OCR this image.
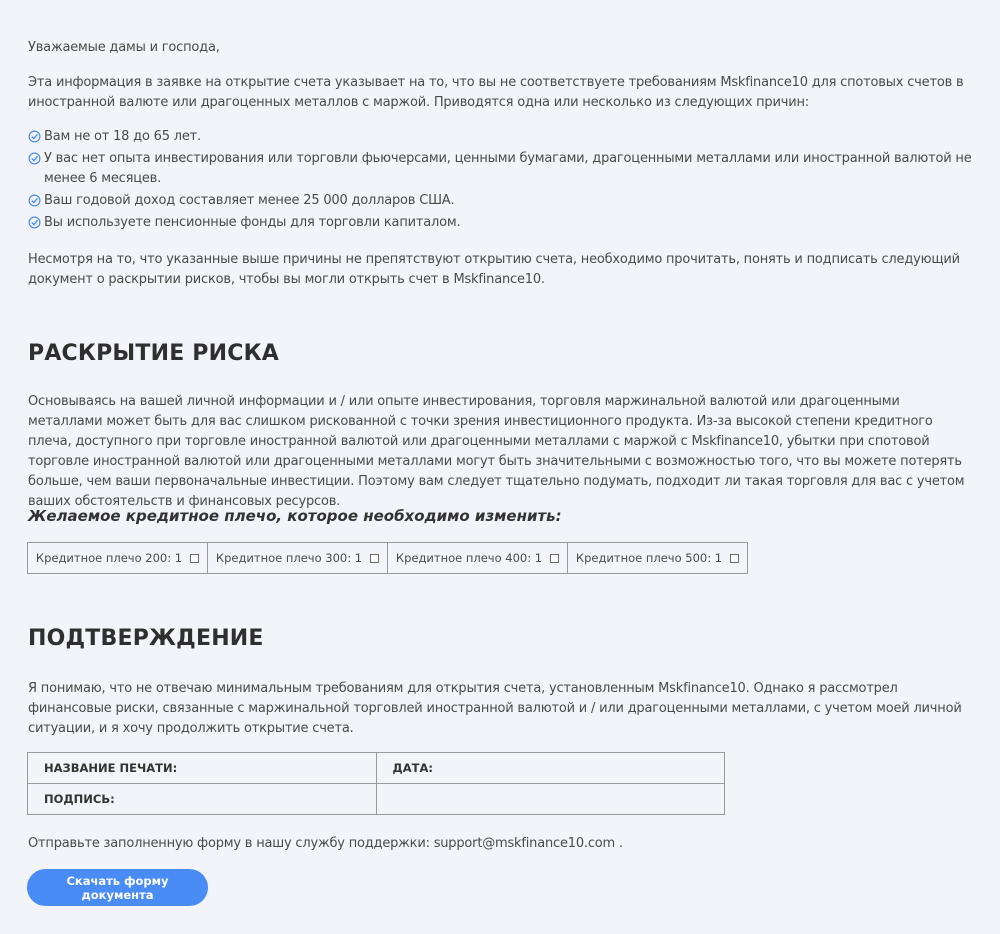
Уважаемые дамы и господа,

Эта информация в заявке на открытие счета указывает на то, что вы не соответствуете требованиям Mskfinance10 для спотовых счетов в иностранной валюте или драгоценных металлов с маржой. Приводятся одна или несколько из следующих причин:

Вам не от 18 до 65 лет.
У вас нет опыта инвестирования или торговли фьючерсами, ценными бумагами, драгоценными металлами или иностранной валютой не менее 6 месяцев.
Ваш годовой доход составляет менее 25 000 долларов США.
Вы используете пенсионные фонды для торговли капиталом.

Несмотря на то, что указанные выше причины не препятствуют открытию счета, необходимо прочитать, понять и подписать следующий документ о раскрытии рисков, чтобы вы могли открыть счет в Mskfinance10.

РАСКРЫТИЕ РИСКА

Основываясь на вашей личной информации и / или опыте инвестирования, торговля маржинальной валютой или драгоценными металлами может быть для вас слишком рискованной с точки зрения инвестиционного продукта. Из-за высокой степени кредитного плеча, доступного при торговле иностранной валютой или драгоценными металлами с маржой с Mskfinance10, убытки при спотовой торговле иностранной валютой или драгоценными металлами могут быть значительными с возможностью того, что вы можете потерять больше, чем ваши первоначальные инвестиции. Поэтому вам следует тщательно подумать, подходит ли такая торговля для вас с учетом ваших обстоятельств и финансовых ресурсов.

Желаемое кредитное плечо, которое необходимо изменить:
Кредитное плечо 200: 1	Кредитное плечо 300: 1	Кредитное плечо 400: 1	Кредитное плечо 500: 1
ПОДТВЕРЖДЕНИЕ

Я понимаю, что не отвечаю минимальным требованиям для открытия счета, установленным Mskfinance10. Однако я рассмотрел финансовые риски, связанные с маржинальной торговлей иностранной валютой и / или драгоценными металлами, с учетом моей личной ситуации, и я хочу продолжить открытие счета.

НАЗВАНИЕ ПЕЧАТИ:	ДАТА:
ПОДПИСЬ:	

Отправьте заполненную форму в нашу службу поддержки: support@mskfinance10.com .

Скачать форму документа
